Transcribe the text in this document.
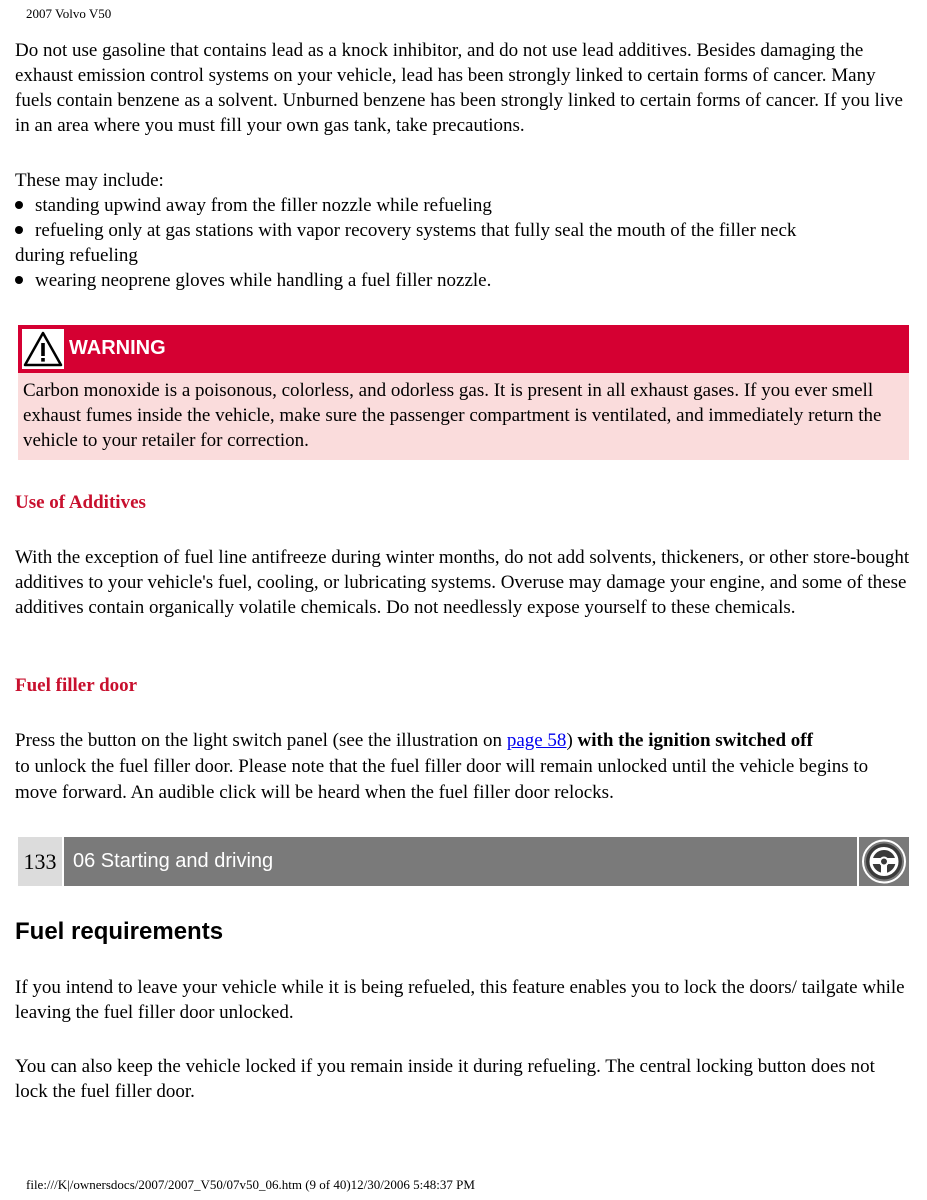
2007 Volvo V50

Do not use gasoline that contains lead as a knock inhibitor, and do not use lead additives. Besides damaging the exhaust emission control systems on your vehicle, lead has been strongly linked to certain forms of cancer. Many fuels contain benzene as a solvent. Unburned benzene has been strongly linked to certain forms of cancer. If you live in an area where you must fill your own gas tank, take precautions.

These may include:
standing upwind away from the filler nozzle while refueling
refueling only at gas stations with vapor recovery systems that fully seal the mouth of the filler neck
during refueling
wearing neoprene gloves while handling a fuel filler nozzle.
WARNING
Carbon monoxide is a poisonous, colorless, and odorless gas. It is present in all exhaust gases. If you ever smell exhaust fumes inside the vehicle, make sure the passenger compartment is ventilated, and immediately return the vehicle to your retailer for correction.
Use of Additives

With the exception of fuel line antifreeze during winter months, do not add solvents, thickeners, or other store-bought additives to your vehicle's fuel, cooling, or lubricating systems. Overuse may damage your engine, and some of these additives contain organically volatile chemicals. Do not needlessly expose yourself to these chemicals.

Fuel filler door

Press the button on the light switch panel (see the illustration on page 58) with the ignition switched off
to unlock the fuel filler door. Please note that the fuel filler door will remain unlocked until the vehicle begins to move forward. An audible click will be heard when the fuel filler door relocks.

133 06 Starting and driving
Fuel requirements

If you intend to leave your vehicle while it is being refueled, this feature enables you to lock the doors/ tailgate while leaving the fuel filler door unlocked.

You can also keep the vehicle locked if you remain inside it during refueling. The central locking button does not lock the fuel filler door.

file:///K|/ownersdocs/2007/2007_V50/07v50_06.htm (9 of 40)12/30/2006 5:48:37 PM
